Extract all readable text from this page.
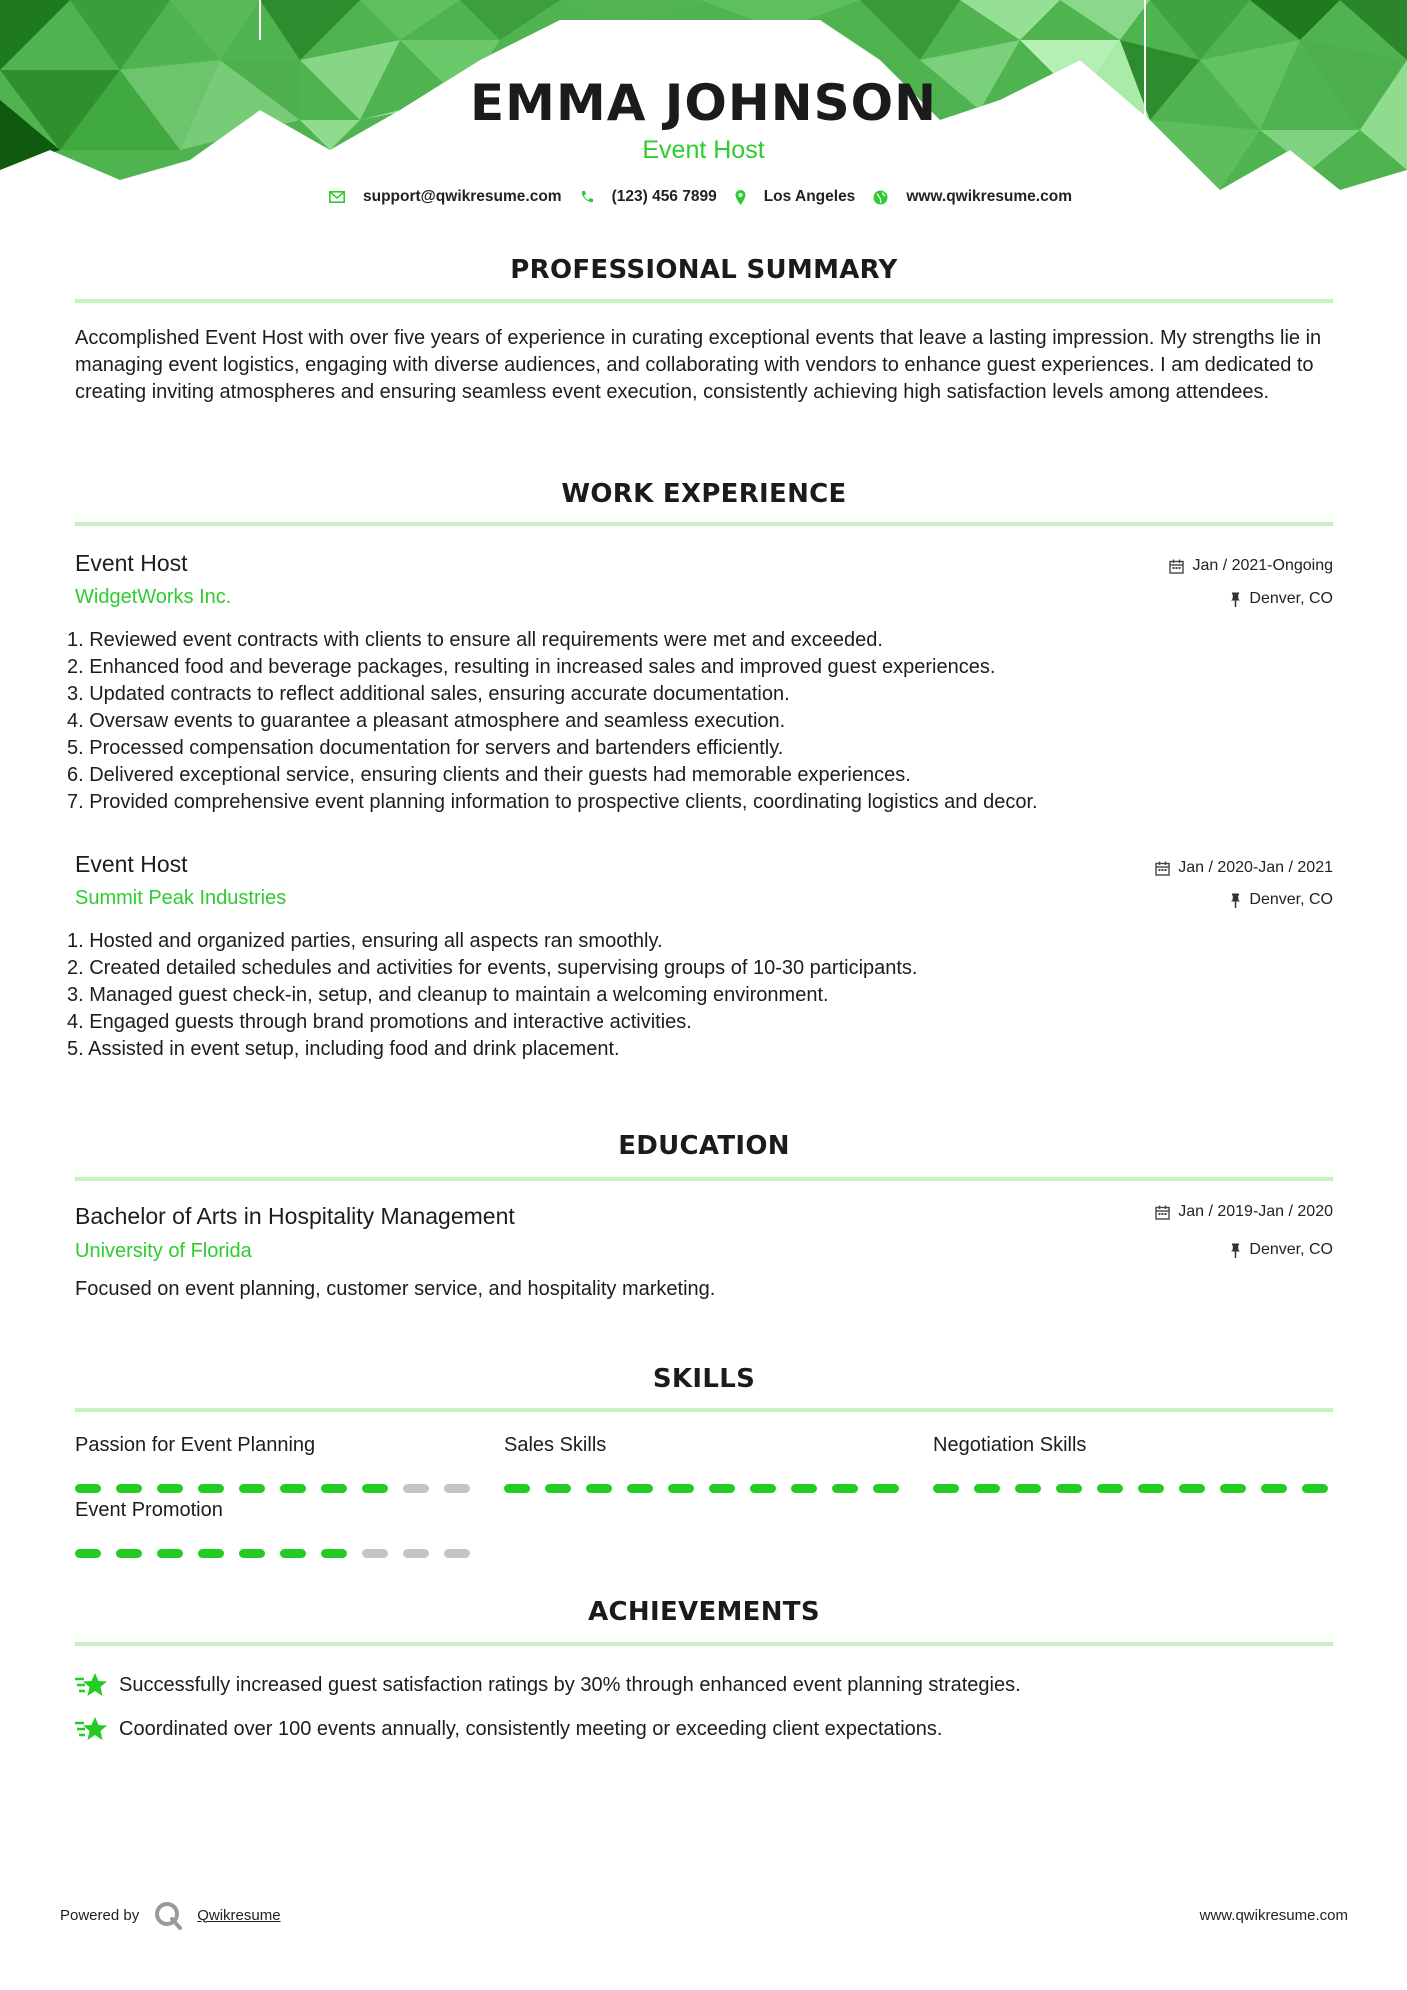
EMMA JOHNSON
Event Host
support@qwikresume.com	(123) 456 7899	Los Angeles	www.qwikresume.com
PROFESSIONAL SUMMARY
Accomplished Event Host with over five years of experience in curating exceptional events that leave a lasting impression. My strengths lie in managing event logistics, engaging with diverse audiences, and collaborating with vendors to enhance guest experiences. I am dedicated to creating inviting atmospheres and ensuring seamless event execution, consistently achieving high satisfaction levels among attendees.
WORK EXPERIENCE
Event Host
WidgetWorks Inc.
Jan / 2021-Ongoing
Denver, CO
1. Reviewed event contracts with clients to ensure all requirements were met and exceeded.
2. Enhanced food and beverage packages, resulting in increased sales and improved guest experiences.
3. Updated contracts to reflect additional sales, ensuring accurate documentation.
4. Oversaw events to guarantee a pleasant atmosphere and seamless execution.
5. Processed compensation documentation for servers and bartenders efficiently.
6. Delivered exceptional service, ensuring clients and their guests had memorable experiences.
7. Provided comprehensive event planning information to prospective clients, coordinating logistics and decor.
Event Host
Summit Peak Industries
Jan / 2020-Jan / 2021
Denver, CO
1. Hosted and organized parties, ensuring all aspects ran smoothly.
2. Created detailed schedules and activities for events, supervising groups of 10-30 participants.
3. Managed guest check-in, setup, and cleanup to maintain a welcoming environment.
4. Engaged guests through brand promotions and interactive activities.
5. Assisted in event setup, including food and drink placement.
EDUCATION
Bachelor of Arts in Hospitality Management
University of Florida
Jan / 2019-Jan / 2020
Denver, CO
Focused on event planning, customer service, and hospitality marketing.
SKILLS
Passion for Event Planning	Sales Skills	Negotiation Skills
Event Promotion
ACHIEVEMENTS
Successfully increased guest satisfaction ratings by 30% through enhanced event planning strategies.
Coordinated over 100 events annually, consistently meeting or exceeding client expectations.
Powered by	Qwikresume	www.qwikresume.com
